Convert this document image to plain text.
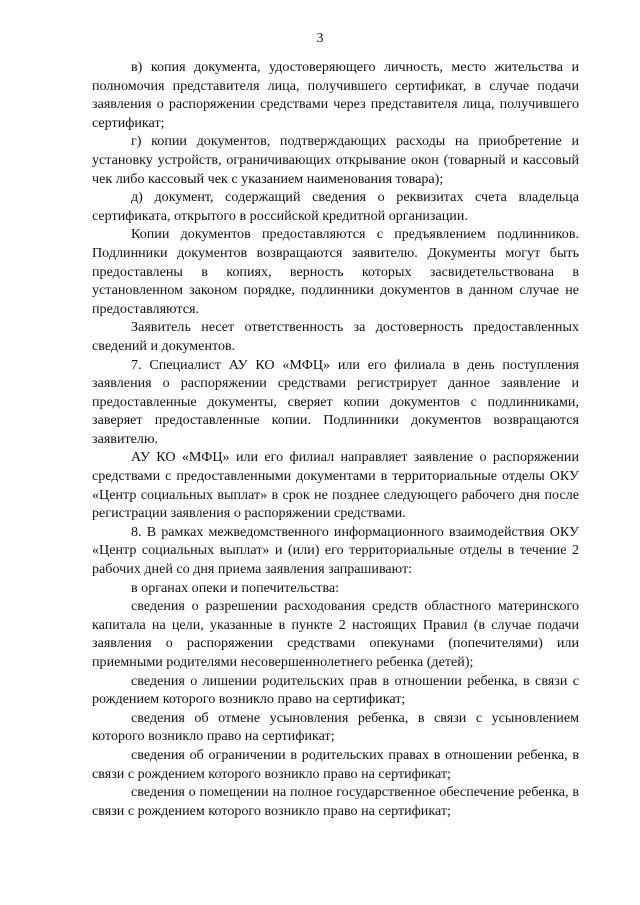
3

в) копия документа, удостоверяющего личность, место жительства и полномочия представителя лица, получившего сертификат, в случае подачи заявления о распоряжении средствами через представителя лица, получившего сертификат;

г) копии документов, подтверждающих расходы на приобретение и установку устройств, ограничивающих открывание окон (товарный и кассовый чек либо кассовый чек с указанием наименования товара);

д) документ, содержащий сведения о реквизитах счета владельца сертификата, открытого в российской кредитной организации.

Копии документов предоставляются с предъявлением подлинников. Подлинники документов возвращаются заявителю. Документы могут быть предоставлены в копиях, верность которых засвидетельствована в установленном законом порядке, подлинники документов в данном случае не предоставляются.

Заявитель несет ответственность за достоверность предоставленных сведений и документов.

7. Специалист АУ КО «МФЦ» или его филиала в день поступления заявления о распоряжении средствами регистрирует данное заявление и предоставленные документы, сверяет копии документов с подлинниками, заверяет предоставленные копии. Подлинники документов возвращаются заявителю.

АУ КО «МФЦ» или его филиал направляет заявление о распоряжении средствами с предоставленными документами в территориальные отделы ОКУ «Центр социальных выплат» в срок не позднее следующего рабочего дня после регистрации заявления о распоряжении средствами.

8. В рамках межведомственного информационного взаимодействия ОКУ «Центр социальных выплат» и (или) его территориальные отделы в течение 2 рабочих дней со дня приема заявления запрашивают:

в органах опеки и попечительства:

сведения о разрешении расходования средств областного материнского капитала на цели, указанные в пункте 2 настоящих Правил (в случае подачи заявления о распоряжении средствами опекунами (попечителями) или приемными родителями несовершеннолетнего ребенка (детей);

сведения о лишении родительских прав в отношении ребенка, в связи с рождением которого возникло право на сертификат;

сведения об отмене усыновления ребенка, в связи с усыновлением которого возникло право на сертификат;

сведения об ограничении в родительских правах в отношении ребенка, в связи с рождением которого возникло право на сертификат;

сведения о помещении на полное государственное обеспечение ребенка, в связи с рождением которого возникло право на сертификат;
